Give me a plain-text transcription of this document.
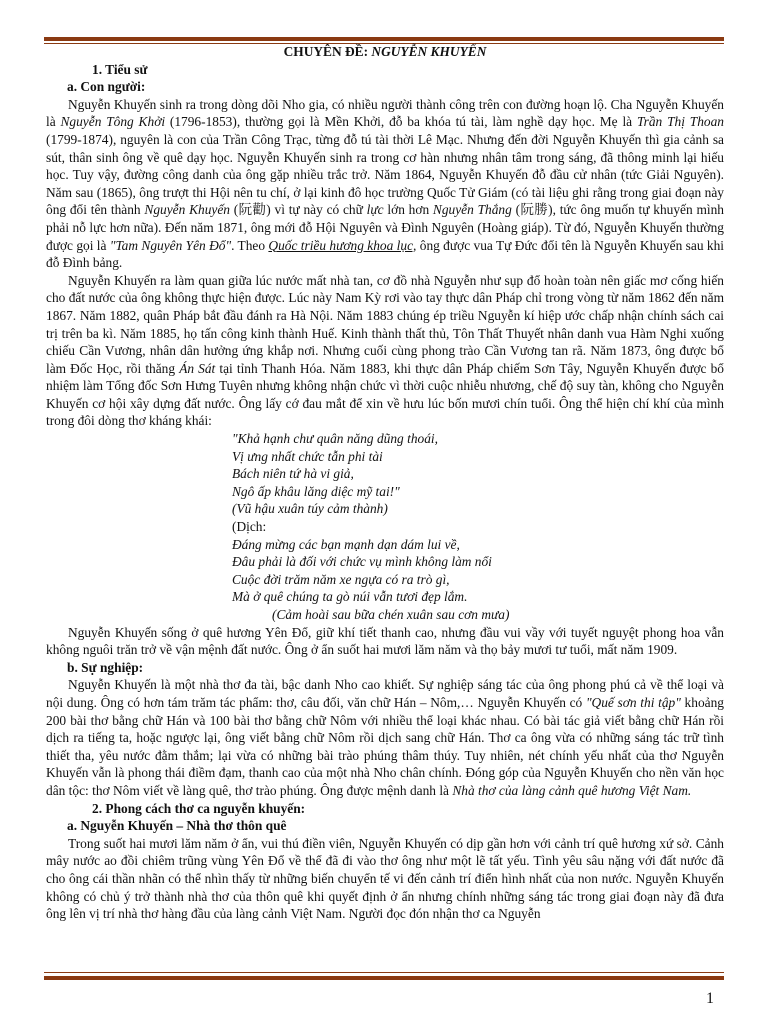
CHUYÊN ĐỀ: NGUYỄN KHUYẾN
1. Tiểu sử
a. Con người:

Nguyễn Khuyến sinh ra trong dòng dõi Nho gia, có nhiều người thành công trên con đường hoạn lộ. Cha Nguyễn Khuyến là Nguyễn Tông Khởi (1796-1853), thường gọi là Mền Khởi, đỗ ba khóa tú tài, làm nghề dạy học. Mẹ là Trần Thị Thoan (1799-1874), nguyên là con của Trần Công Trạc, từng đỗ tú tài thời Lê Mạc. Nhưng đến đời Nguyễn Khuyến thì gia cảnh sa sút, thân sinh ông về quê dạy học. Nguyễn Khuyến sinh ra trong cơ hàn nhưng nhân tâm trong sáng, đã thông minh lại hiếu học. Tuy vậy, đường công danh của ông gặp nhiều trắc trở. Năm 1864, Nguyễn Khuyến đỗ đầu cử nhân (tức Giải Nguyên). Năm sau (1865), ông trượt thi Hội nên tu chí, ở lại kinh đô học trường Quốc Tử Giám (có tài liệu ghi rằng trong giai đoạn này ông đổi tên thành Nguyễn Khuyến (阮勸) vì tự này có chữ lực lớn hơn Nguyễn Thắng (阮勝), tức ông muốn tự khuyến mình phải nỗ lực hơn nữa). Đến năm 1871, ông mới đỗ Hội Nguyên và Đình Nguyên (Hoàng giáp). Từ đó, Nguyễn Khuyến thường được gọi là "Tam Nguyên Yên Đổ". Theo Quốc triều hương khoa lục, ông được vua Tự Đức đổi tên là Nguyễn Khuyến sau khi đỗ Đình bảng.

Nguyễn Khuyến ra làm quan giữa lúc nước mất nhà tan, cơ đồ nhà Nguyễn như sụp đổ hoàn toàn nên giấc mơ cống hiến cho đất nước của ông không thực hiện được. Lúc này Nam Kỳ rơi vào tay thực dân Pháp chỉ trong vòng từ năm 1862 đến năm 1867. Năm 1882, quân Pháp bắt đầu đánh ra Hà Nội. Năm 1883 chúng ép triều Nguyễn kí hiệp ước chấp nhận chính sách cai trị trên ba kì. Năm 1885, họ tấn công kinh thành Huế. Kinh thành thất thủ, Tôn Thất Thuyết nhân danh vua Hàm Nghi xuống chiếu Cần Vương, nhân dân hưởng ứng khắp nơi. Nhưng cuối cùng phong trào Cần Vương tan rã. Năm 1873, ông được bổ làm Đốc Học, rồi thăng Án Sát tại tỉnh Thanh Hóa. Năm 1883, khi thực dân Pháp chiếm Sơn Tây, Nguyễn Khuyến được bổ nhiệm làm Tổng đốc Sơn Hưng Tuyên nhưng không nhận chức vì thời cuộc nhiễu nhương, chế độ suy tàn, không cho Nguyễn Khuyến cơ hội xây dựng đất nước. Ông lấy cớ đau mắt để xin về hưu lúc bốn mươi chín tuổi. Ông thể hiện chí khí của mình trong đôi dòng thơ kháng khái:

"Khả hạnh chư quân năng dũng thoái,
Vị ưng nhất chức tẫn phi tài
Bách niên tứ hà vi giả,
Ngô ấp khâu lăng diệc mỹ tai!"
(Vũ hậu xuân túy cảm thành)
(Dịch:
Đáng mừng các bạn mạnh dạn dám lui về,
Đâu phải là đối với chức vụ mình không làm nổi
Cuộc đời trăm năm xe ngựa có ra trò gì,
Mà ở quê chúng ta gò núi vẫn tươi đẹp lắm.
(Cảm hoài sau bữa chén xuân sau cơn mưa)

Nguyễn Khuyến sống ở quê hương Yên Đổ, giữ khí tiết thanh cao, nhưng đầu vui vầy với tuyết nguyệt phong hoa vẫn không nguôi trăn trở về vận mệnh đất nước. Ông ở ẩn suốt hai mươi lăm năm và thọ bảy mươi tư tuổi, mất năm 1909.

b. Sự nghiệp:

Nguyễn Khuyến là một nhà thơ đa tài, bậc danh Nho cao khiết. Sự nghiệp sáng tác của ông phong phú cả về thể loại và nội dung. Ông có hơn tám trăm tác phẩm: thơ, câu đối, văn chữ Hán – Nôm,… Nguyễn Khuyến có "Quế sơn thi tập" khoảng 200 bài thơ bằng chữ Hán và 100 bài thơ bằng chữ Nôm với nhiều thể loại khác nhau. Có bài tác giả viết bằng chữ Hán rồi dịch ra tiếng ta, hoặc ngược lại, ông viết bằng chữ Nôm rồi dịch sang chữ Hán. Thơ ca ông vừa có những sáng tác trữ tình thiết tha, yêu nước đằm thắm; lại vừa có những bài trào phúng thâm thúy. Tuy nhiên, nét chính yếu nhất của thơ Nguyễn Khuyến vẫn là phong thái điềm đạm, thanh cao của một nhà Nho chân chính. Đóng góp của Nguyễn Khuyến cho nền văn học dân tộc: thơ Nôm viết về làng quê, thơ trào phúng. Ông được mệnh danh là Nhà thơ của làng cảnh quê hương Việt Nam.

2. Phong cách thơ ca nguyễn khuyến:
a. Nguyễn Khuyến – Nhà thơ thôn quê

Trong suốt hai mươi lăm năm ở ẩn, vui thú điền viên, Nguyễn Khuyến có dịp gần hơn với cảnh trí quê hương xứ sở. Cảnh mây nước ao đồi chiêm trũng vùng Yên Đổ về thể đã đi vào thơ ông như một lẽ tất yếu. Tình yêu sâu nặng với đất nước đã cho ông cái thần nhãn có thể nhìn thấy từ những biến chuyển tế vi đến cảnh trí điển hình nhất của non nước. Nguyễn Khuyến không có chủ ý trở thành nhà thơ của thôn quê khi quyết định ở ẩn nhưng chính những sáng tác trong giai đoạn này đã đưa ông lên vị trí nhà thơ hàng đầu của làng cảnh Việt Nam. Người đọc đón nhận thơ ca Nguyễn

1
